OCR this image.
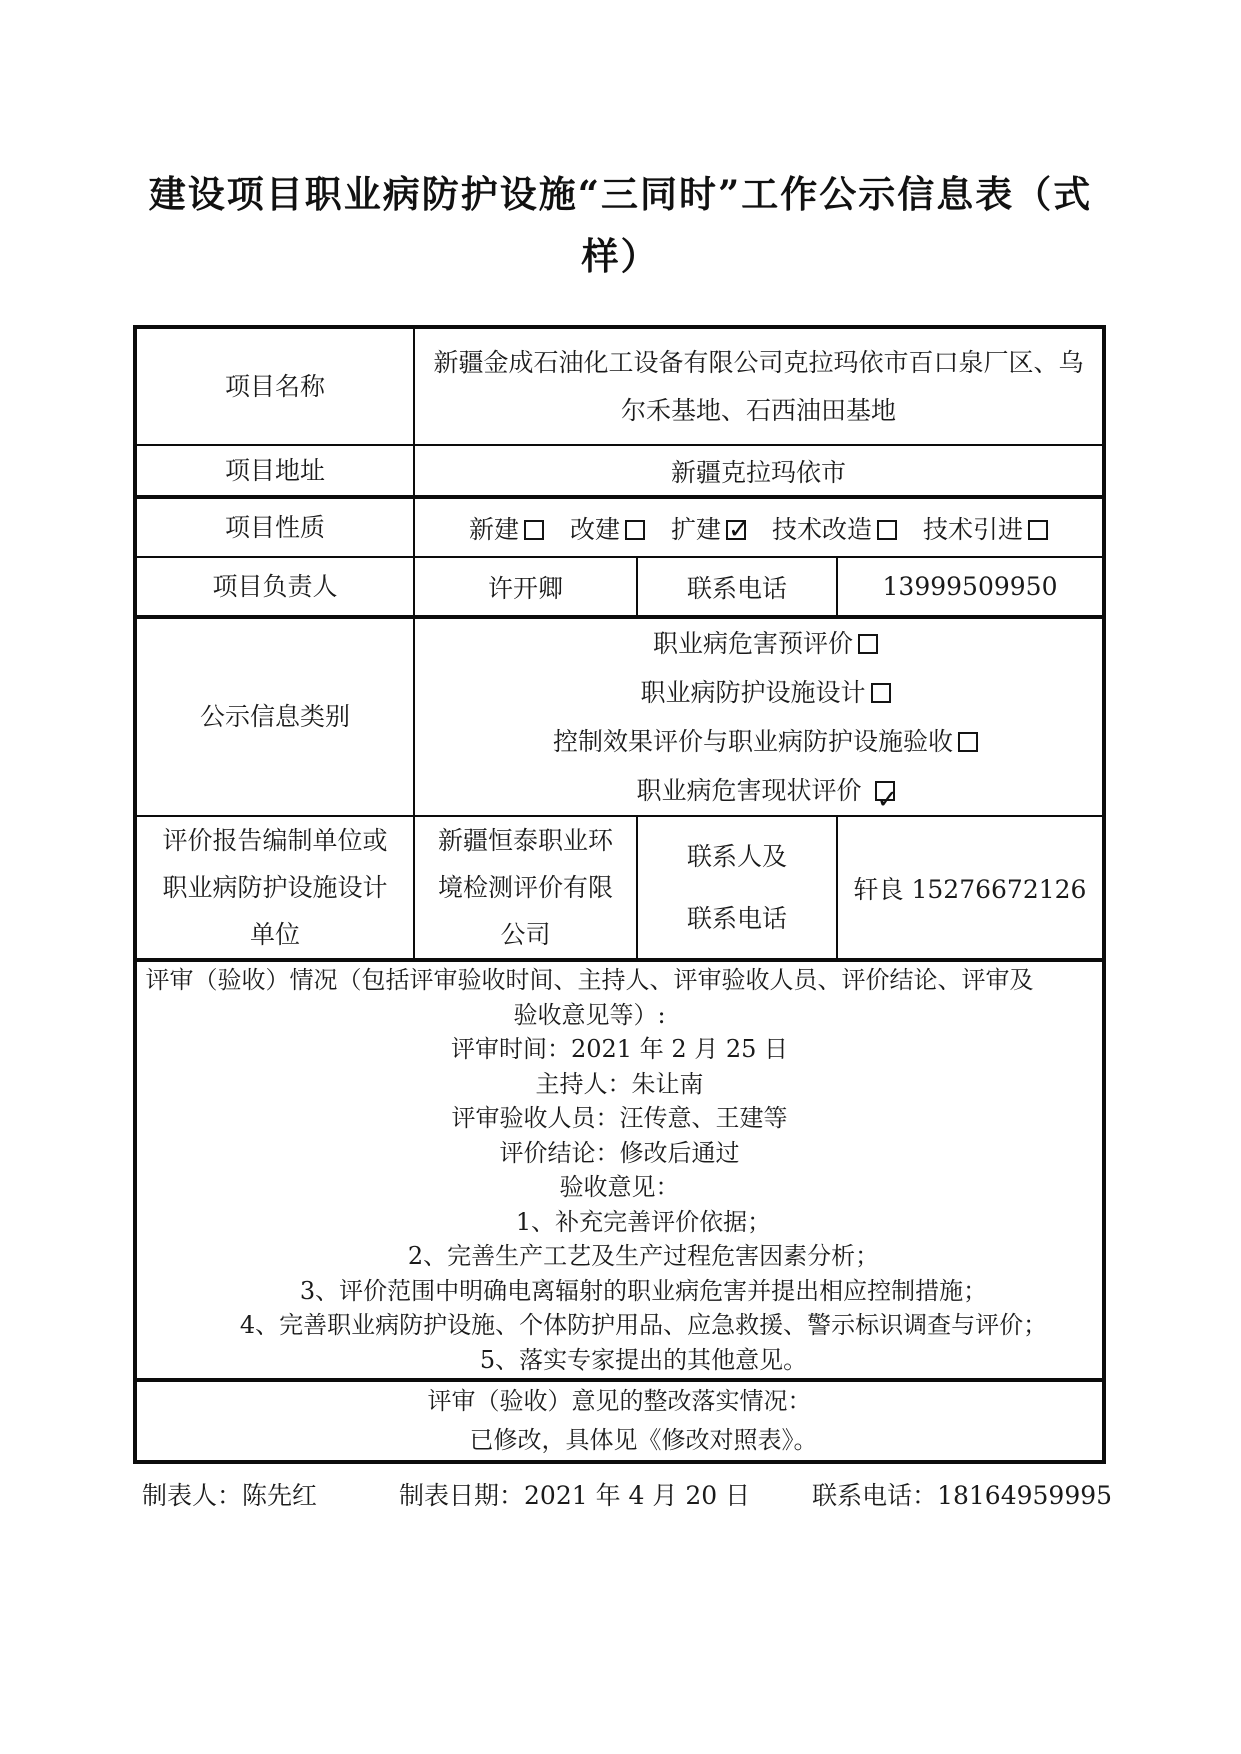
建设项目职业病防护设施“三同时”工作公示信息表（式样）
项目名称	新疆金成石油化工设备有限公司克拉玛依市百口泉厂区、乌尔禾基地、石西油田基地		

项目地址	新疆克拉玛依市		
项目性质	新建 改建 扩建 ✓ 技术改造 技术引进

项目负责人	许开卿	联系电话	13999509950
公示信息类别	职业病危害预评价
职业病防护设施设计
控制效果评价与职业病防护设施验收
职业病危害现状评价✓

评价报告编制单位或职业病防护设施设计单位	新疆恒泰职业环境检测评价有限公司	联系人及联系电话	轩良 15276672126

评审（验收）情况（包括评审验收时间、主持人、评审验收人员、评价结论、评审及验收意见等）:
评审时间：2021 年 2 月 25 日
主持人：朱让南
评审验收人员：汪传意、王建等
评价结论：修改后通过
验收意见：
1、补充完善评价依据；
2、完善生产工艺及生产过程危害因素分析；
3、评价范围中明确电离辐射的职业病危害并提出相应控制措施；
4、完善职业病防护设施、个体防护用品、应急救援、警示标识调查与评价；
5、落实专家提出的其他意见。

评审（验收）意见的整改落实情况：
已修改，具体见《修改对照表》。			
制表人：陈先红	制表日期：2021 年 4 月 20 日 联系电话：18164959995
